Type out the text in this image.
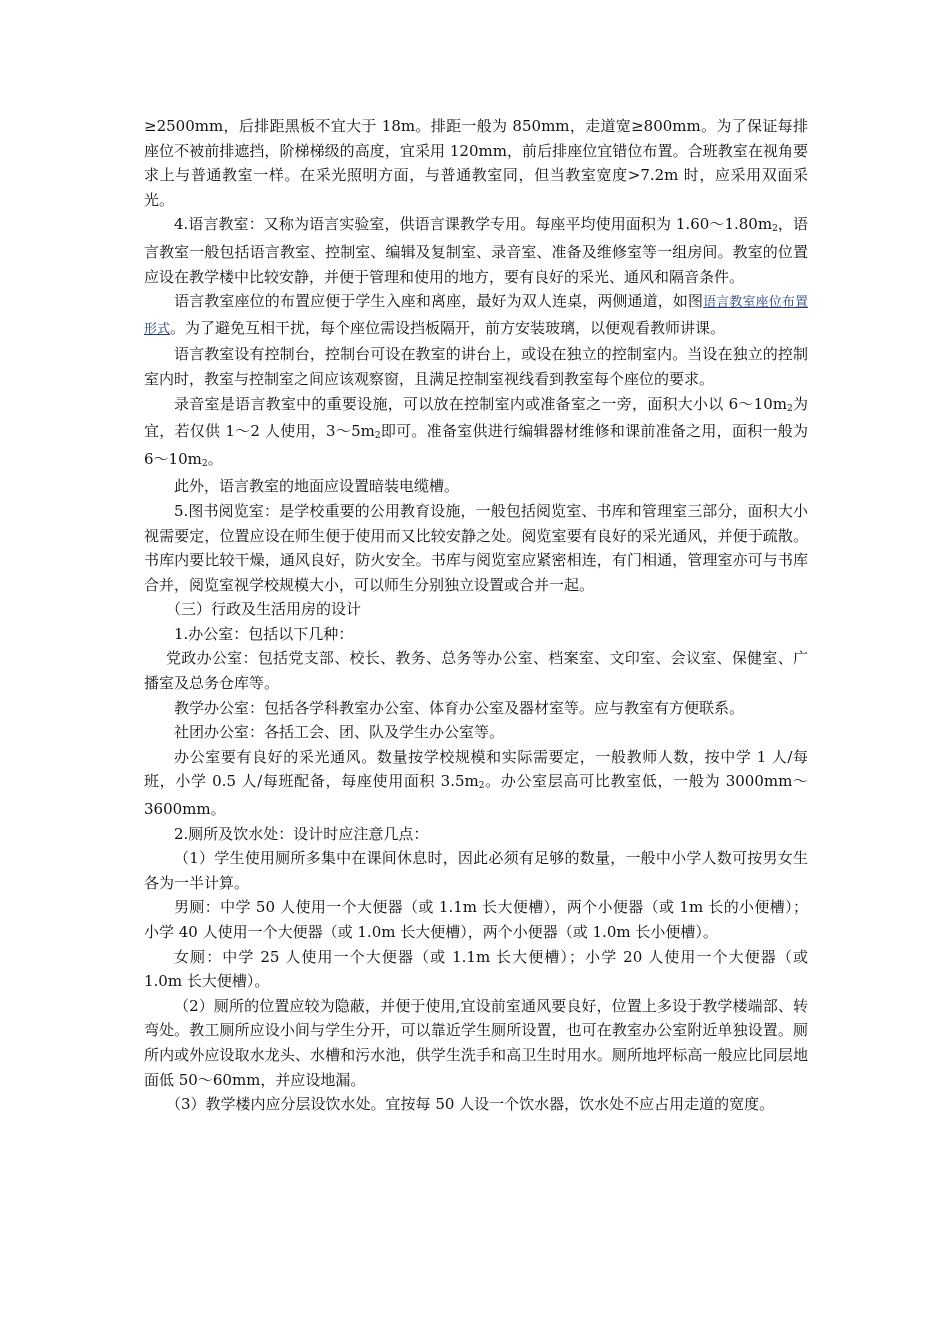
≥2500mm，后排距黑板不宜大于 18m。排距一般为 850mm，走道宽≥800mm。为了保证每排座位不被前排遮挡，阶梯梯级的高度，宜采用 120mm，前后排座位宜错位布置。合班教室在视角要求上与普通教室一样。在采光照明方面，与普通教室同，但当教室宽度>7.2m 时，应采用双面采光。

4.语言教室：又称为语言实验室，供语言课教学专用。每座平均使用面积为 1.60～1.80m2，语言教室一般包括语言教室、控制室、编辑及复制室、录音室、准备及维修室等一组房间。教室的位置应设在教学楼中比较安静，并便于管理和使用的地方，要有良好的采光、通风和隔音条件。

语言教室座位的布置应便于学生入座和离座，最好为双人连桌，两侧通道，如图语言教室座位布置形式。为了避免互相干扰，每个座位需设挡板隔开，前方安装玻璃，以便观看教师讲课。

语言教室设有控制台，控制台可设在教室的讲台上，或设在独立的控制室内。当设在独立的控制室内时，教室与控制室之间应该观察窗，且满足控制室视线看到教室每个座位的要求。

录音室是语言教室中的重要设施，可以放在控制室内或准备室之一旁，面积大小以 6～10m2为宜，若仅供 1～2 人使用，3～5m2即可。准备室供进行编辑器材维修和课前准备之用，面积一般为 6～10m2。

此外，语言教室的地面应设置暗装电缆槽。

5.图书阅览室：是学校重要的公用教育设施，一般包括阅览室、书库和管理室三部分，面积大小视需要定，位置应设在师生便于使用而又比较安静之处。阅览室要有良好的采光通风，并便于疏散。书库内要比较干燥，通风良好，防火安全。书库与阅览室应紧密相连，有门相通，管理室亦可与书库合并，阅览室视学校规模大小，可以师生分别独立设置或合并一起。

（三）行政及生活用房的设计

1.办公室：包括以下几种：

党政办公室：包括党支部、校长、教务、总务等办公室、档案室、文印室、会议室、保健室、广播室及总务仓库等。

教学办公室：包括各学科教室办公室、体育办公室及器材室等。应与教室有方便联系。

社团办公室：各括工会、团、队及学生办公室等。

办公室要有良好的采光通风。数量按学校规模和实际需要定，一般教师人数，按中学 1 人/每班，小学 0.5 人/每班配备，每座使用面积 3.5m2。办公室层高可比教室低，一般为 3000mm～3600mm。

2.厕所及饮水处：设计时应注意几点：

（1）学生使用厕所多集中在课间休息时，因此必须有足够的数量，一般中小学人数可按男女生各为一半计算。

男厕：中学 50 人使用一个大便器（或 1.1m 长大便槽），两个小便器（或 1m 长的小便槽）；小学 40 人使用一个大便器（或 1.0m 长大便槽），两个小便器（或 1.0m 长小便槽）。

女厕：中学 25 人使用一个大便器（或 1.1m 长大便槽）；小学 20 人使用一个大便器（或 1.0m 长大便槽）。

（2）厕所的位置应较为隐蔽，并便于使用,宜设前室通风要良好，位置上多设于教学楼端部、转弯处。教工厕所应设小间与学生分开，可以靠近学生厕所设置，也可在教室办公室附近单独设置。厕所内或外应设取水龙头、水槽和污水池，供学生洗手和高卫生时用水。厕所地坪标高一般应比同层地面低 50～60mm，并应设地漏。

（3）教学楼内应分层设饮水处。宜按每 50 人设一个饮水器，饮水处不应占用走道的宽度。
